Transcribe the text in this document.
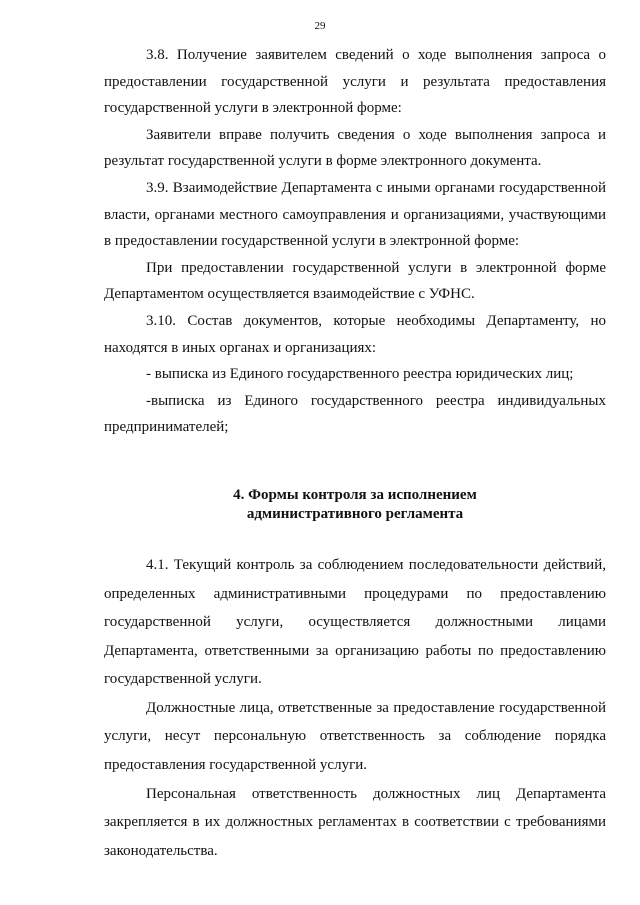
29

3.8. Получение заявителем сведений о ходе выполнения запроса о предоставлении государственной услуги и результата предоставления государственной услуги в электронной форме:

Заявители вправе получить сведения о ходе выполнения запроса и результат государственной услуги в форме электронного документа.

3.9. Взаимодействие Департамента с иными органами государственной власти, органами местного самоуправления и организациями, участвующими в предоставлении государственной услуги в электронной форме:

При предоставлении государственной услуги в электронной форме Департаментом осуществляется взаимодействие с УФНС.

3.10. Состав документов, которые необходимы Департаменту, но находятся в иных органах и организациях:

- выписка из Единого государственного реестра юридических лиц;

-выписка из Единого государственного реестра индивидуальных предпринимателей;

4. Формы контроля за исполнением
административного регламента

4.1. Текущий контроль за соблюдением последовательности действий, определенных административными процедурами по предоставлению государственной услуги, осуществляется должностными лицами Департамента, ответственными за организацию работы по предоставлению государственной услуги.

Должностные лица, ответственные за предоставление государственной услуги, несут персональную ответственность за соблюдение порядка предоставления государственной услуги.

Персональная ответственность должностных лиц Департамента закрепляется в их должностных регламентах в соответствии с требованиями законодательства.
